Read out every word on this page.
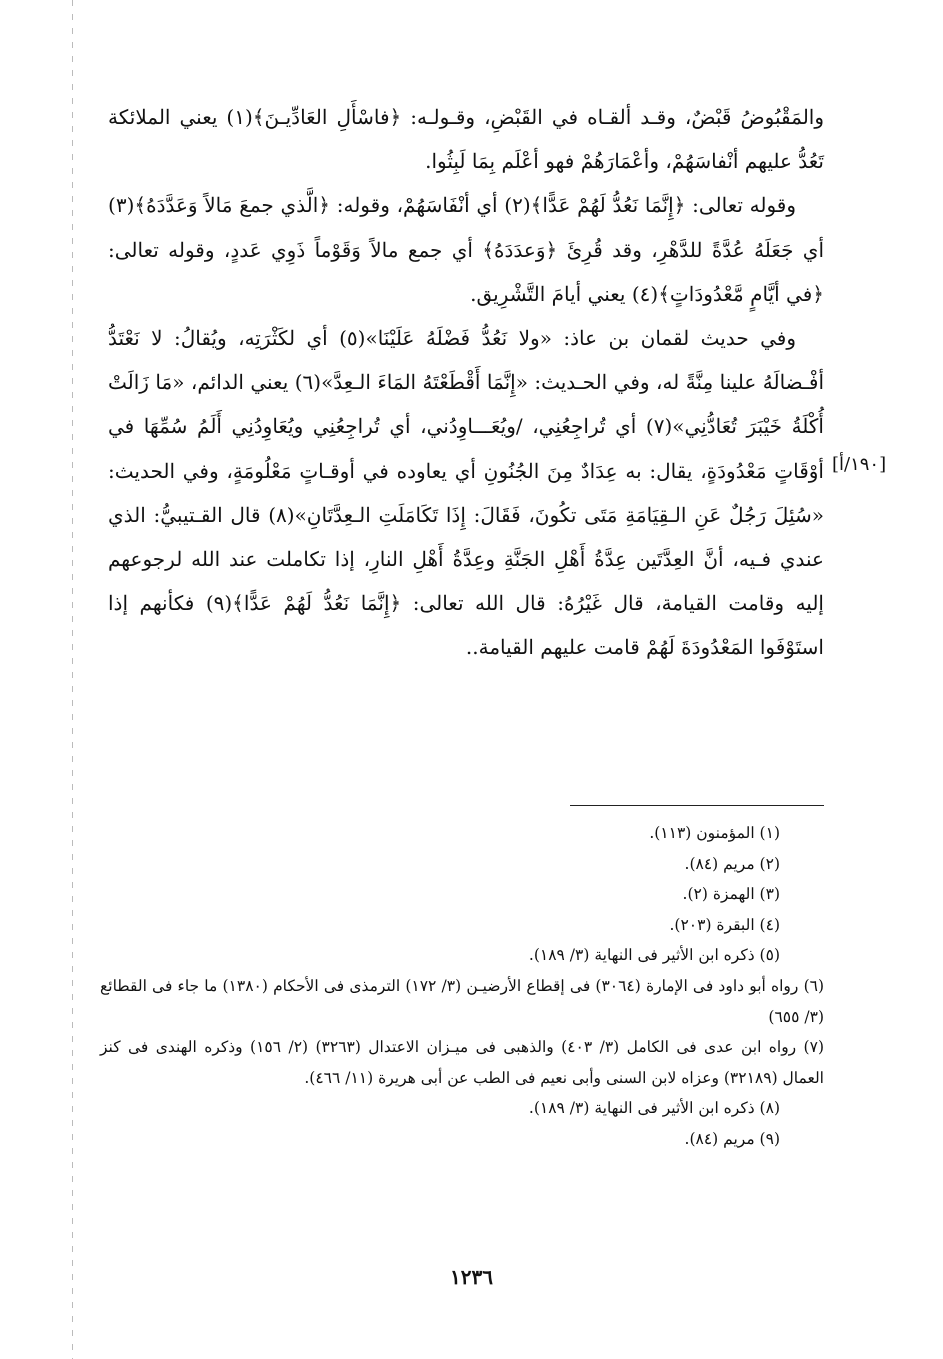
والمَقْبُوضُ قَبْضٌ، وقـد ألقـاه في القَبْضِ، وقـولـه: ﴿فاسْأَلِ العَادِّيـنَ﴾(١) يعني الملائكة تَعُدُّ عليهم أنْفاسَهُمْ، وأعْمَارَهُمْ فهو أعْلَم بِمَا لَبِثُوا.

وقوله تعالى: ﴿إِنَّمَا نَعُدُّ لَهُمْ عَدًّا﴾(٢) أي أنْفَاسَهُمْ، وقوله: ﴿الَّذي جمعَ مَالاً وَعَدَّدَهُ﴾(٣) أي جَعَلَهُ عُدَّةً للدَّهْرِ، وقد قُرِئَ ﴿وَعدَدَهُ﴾ أي جمع مالاً وَقَوْماً ذَوِي عَددٍ، وقوله تعالى: ﴿في أيَّامٍ مَّعْدُودَاتٍ﴾(٤) يعني أيامَ التَّشْرِيق.

وفي حديث لقمان بن عاذ: «ولا نَعُدُّ فَضْلَهُ عَلَيْنَا»(٥) أي لكَثْرَتِه، ويُقالُ: لا نَعْتَدُّ أفْـضالَهُ علينا مِنَّةً له، وفي الحـديث: «إِنَّمَا أَقْطَعْتَهُ المَاءَ الـعِدَّ»(٦) يعني الدائم، «مَا زَالَتْ أُكْلَةُ خَيْبَرَ تُعَادُّنِي»(٧) أي تُراجِعُنِي، /ويُعَـــاوِدُني، أي تُراجِعُنِي ويُعَاوِدُنِي أَلَمُ سُمِّهَا في أوْقَاتٍ مَعْدُودَةٍ، يقال: به عِدَادٌ مِنَ الجُنُونِ أي يعاوده في أوقـاتٍ مَعْلُومَةٍ، وفي الحديث: «سُئِلَ رَجُلٌ عَنِ الـقِيَامَةِ مَتَى تكُونَ، فَقَالَ: إِذَا تَكَامَلَتِ الـعِدَّتَانِ»(٨) قال القـتيبيُّ: الذي عندي فـيه، أنَّ العِدَّتَين عِدَّةُ أَهْلِ الجَنَّةِ وعِدَّةُ أَهْلِ النارِ، إذا تكاملت عند الله لرجوعهم إليه وقامت القيامة، قال غَيْرُهُ: قال الله تعالى: ﴿إِنَّمَا نَعُدُّ لَهُمْ عَدًّا﴾(٩) فكأنهم إذا استَوْفَوا المَعْدُودَةَ لَهُمْ قامت عليهم القيامة..

[١٩٠/أ]

(١) المؤمنون (١١٣).

(٢) مريم (٨٤).

(٣) الهمزة (٢).

(٤) البقرة (٢٠٣).

(٥) ذكره ابن الأثير فى النهاية (٣/ ١٨٩).

(٦) رواه أبو داود فى الإمارة (٣٠٦٤) فى إقطاع الأرضيـن (٣/ ١٧٢) الترمذى فى الأحكام (١٣٨٠) ما جاء فى القطائع (٣/ ٦٥٥)

(٧) رواه ابن عدى فى الكامل (٣/ ٤٠٣) والذهبى فى ميـزان الاعتدال (٣٢٦٣) (٢/ ١٥٦) وذكره الهندى فى كنز العمال (٣٢١٨٩) وعزاه لابن السنى وأبى نعيم فى الطب عن أبى هريرة (١١/ ٤٦٦).

(٨) ذكره ابن الأثير فى النهاية (٣/ ١٨٩).

(٩) مريم (٨٤).

١٢٣٦
